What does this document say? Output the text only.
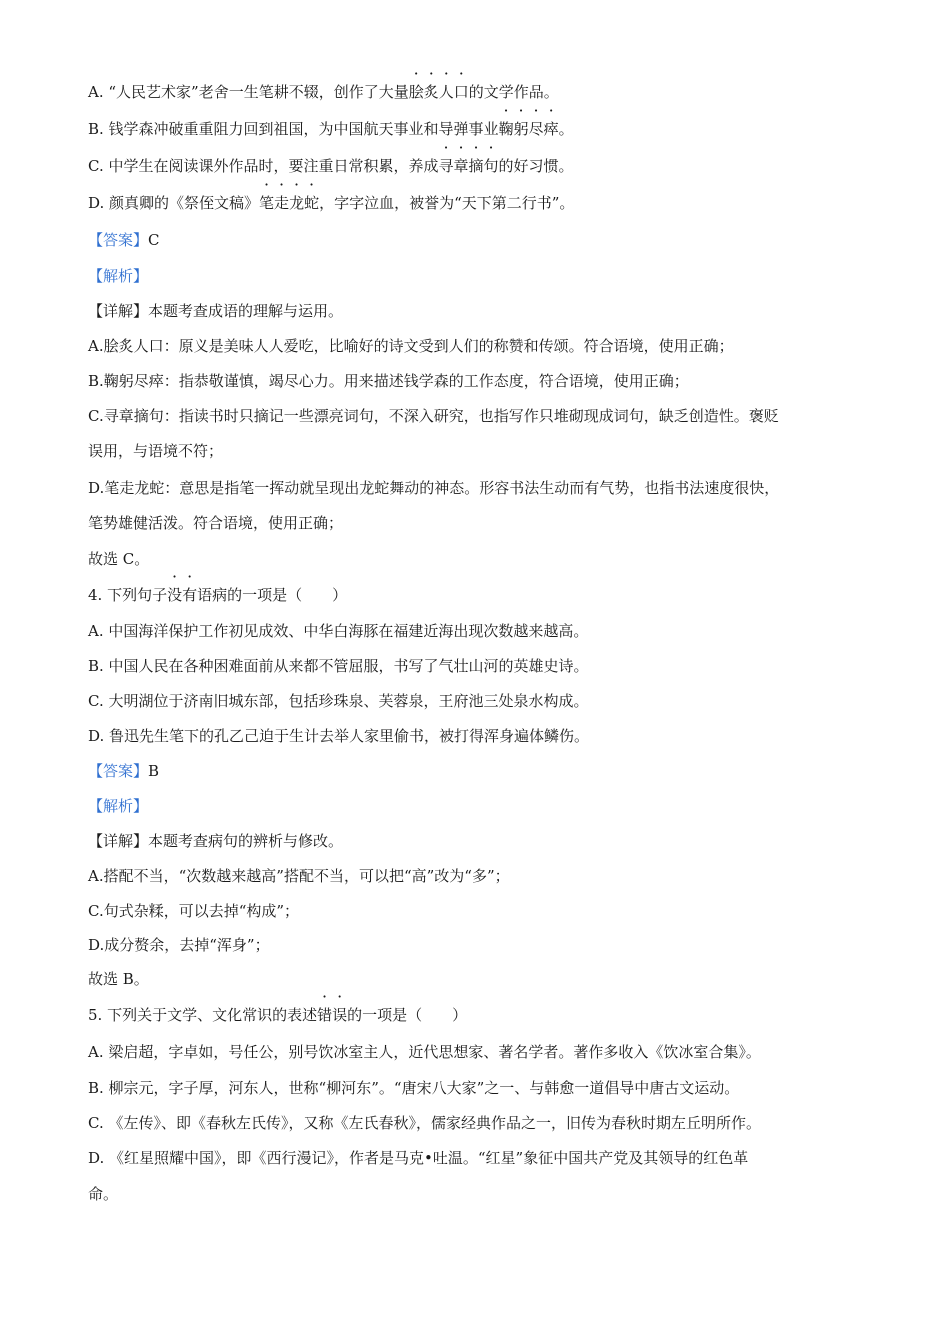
A. “人民艺术家”老舍一生笔耕不辍，创作了大量脍炙人口的文学作品。
B. 钱学森冲破重重阻力回到祖国，为中国航天事业和导弹事业鞠躬尽瘁。
C. 中学生在阅读课外作品时，要注重日常积累，养成寻章摘句的好习惯。
D. 颜真卿的《祭侄文稿》笔走龙蛇，字字泣血，被誉为“天下第二行书”。
【答案】C
【解析】
【详解】本题考查成语的理解与运用。
A.脍炙人口：原义是美味人人爱吃，比喻好的诗文受到人们的称赞和传颂。符合语境，使用正确；
B.鞠躬尽瘁：指恭敬谨慎，竭尽心力。用来描述钱学森的工作态度，符合语境，使用正确；
C.寻章摘句：指读书时只摘记一些漂亮词句，不深入研究，也指写作只堆砌现成词句，缺乏创造性。褒贬
误用，与语境不符；
D.笔走龙蛇：意思是指笔一挥动就呈现出龙蛇舞动的神态。形容书法生动而有气势，也指书法速度很快，
笔势雄健活泼。符合语境，使用正确；
故选 C。
4. 下列句子没有语病的一项是（　　）
A. 中国海洋保护工作初见成效、中华白海豚在福建近海出现次数越来越高。
B. 中国人民在各种困难面前从来都不管屈服，书写了气壮山河的英雄史诗。
C. 大明湖位于济南旧城东部，包括珍珠泉、芙蓉泉，王府池三处泉水构成。
D. 鲁迅先生笔下的孔乙己迫于生计去举人家里偷书，被打得浑身遍体鳞伤。
【答案】B
【解析】
【详解】本题考查病句的辨析与修改。
A.搭配不当，“次数越来越高”搭配不当，可以把“高”改为“多”；
C.句式杂糅，可以去掉“构成”；
D.成分赘余，去掉“浑身”；
故选 B。
5. 下列关于文学、文化常识的表述错误的一项是（　　）
A. 梁启超，字卓如，号任公，别号饮冰室主人，近代思想家、著名学者。著作多收入《饮冰室合集》。
B. 柳宗元，字子厚，河东人，世称“柳河东”。“唐宋八大家”之一、与韩愈一道倡导中唐古文运动。
C. 《左传》、即《春秋左氏传》，又称《左氏春秋》，儒家经典作品之一，旧传为春秋时期左丘明所作。
D. 《红星照耀中国》，即《西行漫记》，作者是马克•吐温。“红星”象征中国共产党及其领导的红色革
命。
